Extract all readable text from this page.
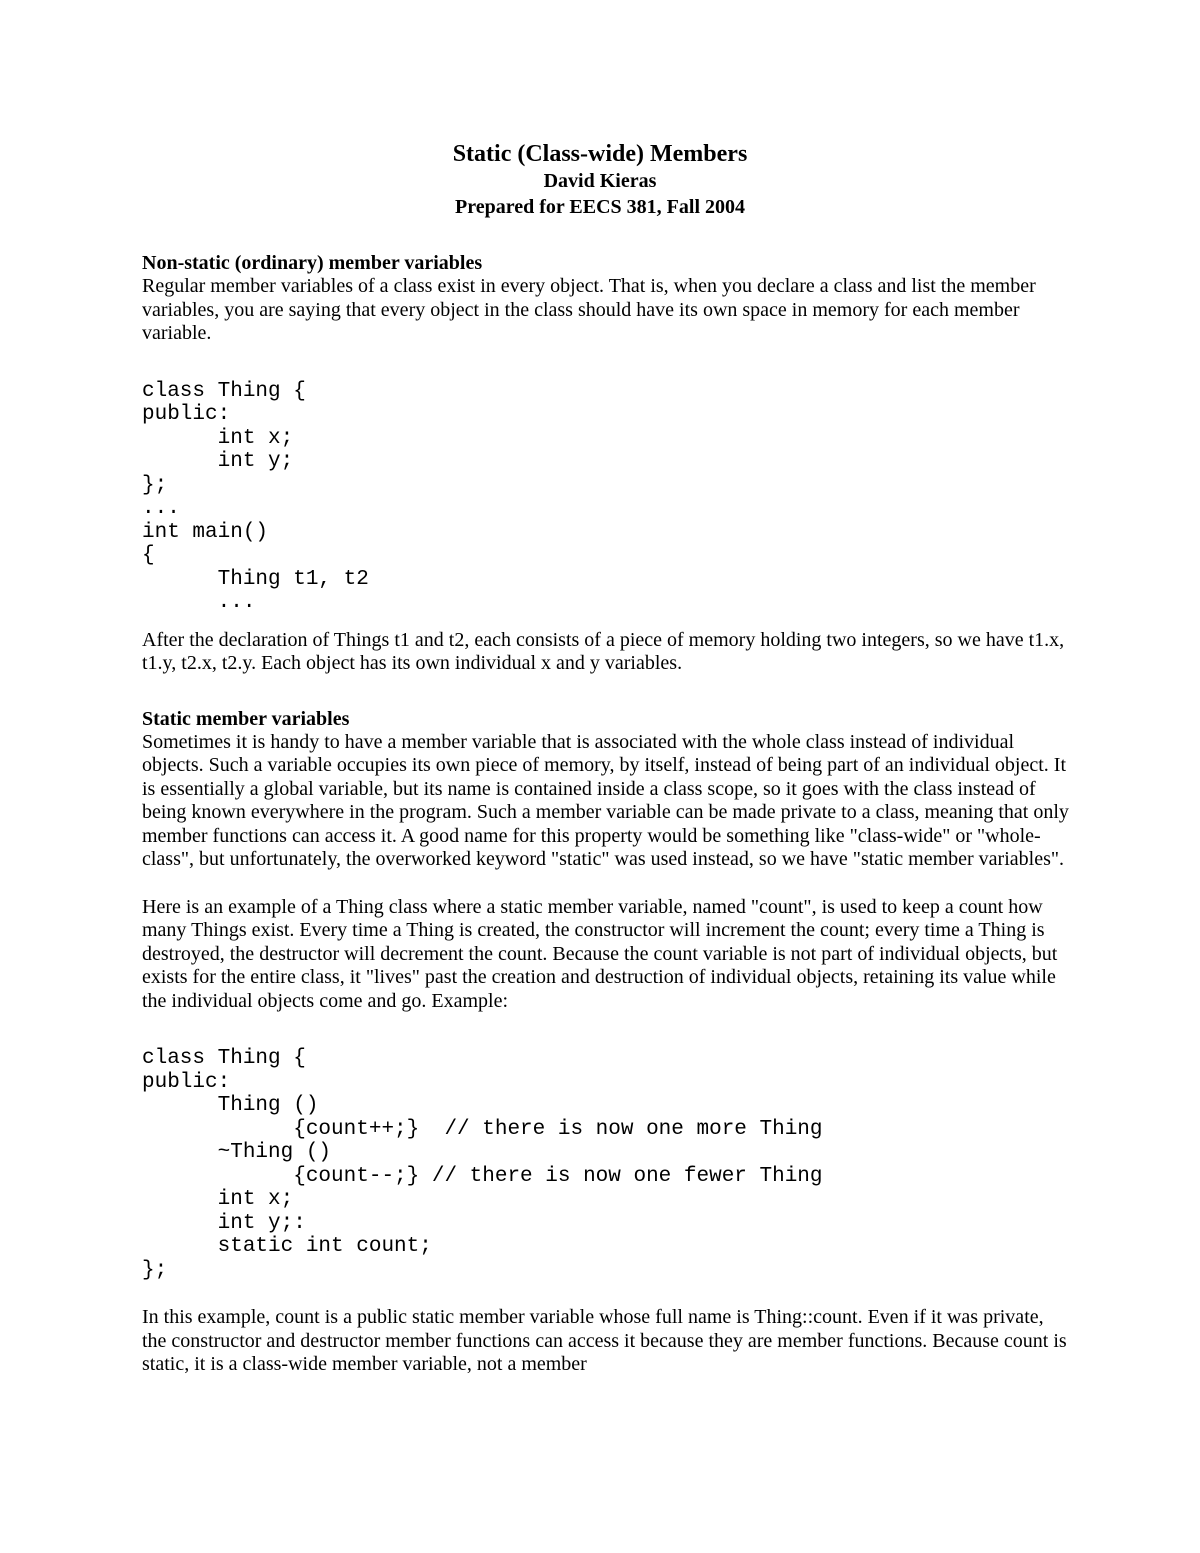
Static (Class-wide) Members
David Kieras
Prepared for EECS 381, Fall 2004
Non-static (ordinary) member variables

Regular member variables of a class exist in every object. That is, when you declare a class and list the member variables, you are saying that every object in the class should have its own space in memory for each member variable.

class Thing {
public:
int x;
int y;
};
...
int main()
{
Thing t1, t2
...

After the declaration of Things t1 and t2, each consists of a piece of memory holding two integers, so we have t1.x, t1.y, t2.x, t2.y. Each object has its own individual x and y variables.

Static member variables

Sometimes it is handy to have a member variable that is associated with the whole class instead of individual objects. Such a variable occupies its own piece of memory, by itself, instead of being part of an individual object. It is essentially a global variable, but its name is contained inside a class scope, so it goes with the class instead of being known everywhere in the program. Such a member variable can be made private to a class, meaning that only member functions can access it. A good name for this property would be something like "class-wide" or "whole-class", but unfortunately, the overworked keyword "static" was used instead, so we have "static member variables".

Here is an example of a Thing class where a static member variable, named "count", is used to keep a count how many Things exist. Every time a Thing is created, the constructor will increment the count; every time a Thing is destroyed, the destructor will decrement the count. Because the count variable is not part of individual objects, but exists for the entire class, it "lives" past the creation and destruction of individual objects, retaining its value while the individual objects come and go. Example:

class Thing {
public:
Thing ()
{count++;}  // there is now one more Thing
~Thing ()
{count--;} // there is now one fewer Thing
int x;
int y;:
static int count;
};

In this example, count is a public static member variable whose full name is Thing::count. Even if it was private, the constructor and destructor member functions can access it because they are member functions. Because count is static, it is a class-wide member variable, not a member
